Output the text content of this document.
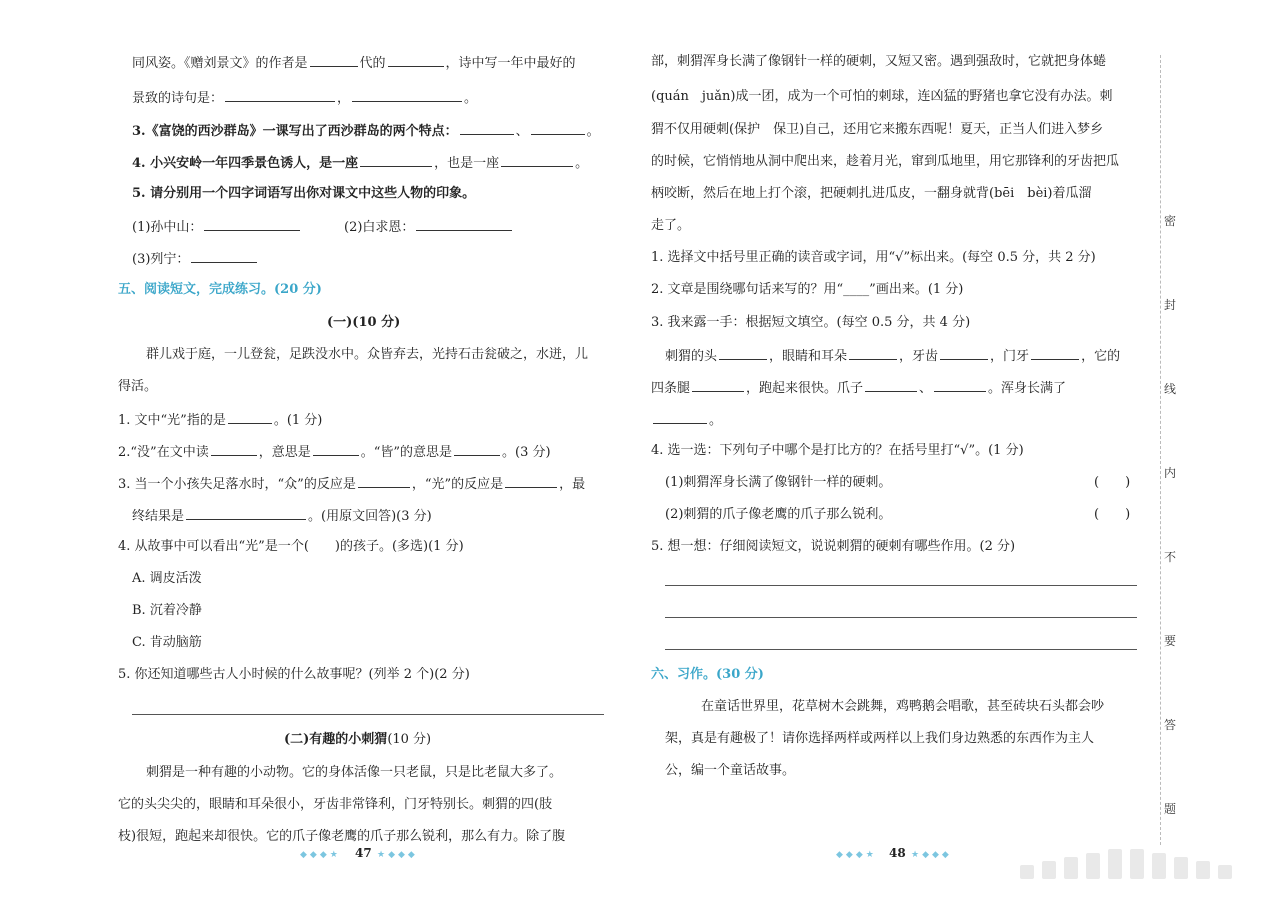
同风姿。《赠刘景文》的作者是	代的	，诗中写一年中最好的
景致的诗句是：	，	。
3.《富饶的西沙群岛》一课写出了西沙群岛的两个特点：	、	。
4. 小兴安岭一年四季景色诱人，是一座	，也是一座	。
5. 请分别用一个四字词语写出你对课文中这些人物的印象。
(1)孙中山：	(2)白求恩：
(3)列宁：
五、阅读短文，完成练习。(20 分)
(一)(10 分)
群儿戏于庭，一儿登瓮，足跌没水中。众皆弃去，光持石击瓮破之，水迸，儿
得活。
1. 文中“光”指的是	。(1 分)
2.“没”在文中读	，意思是	。“皆”的意思是	。(3 分)
3. 当一个小孩失足落水时，“众”的反应是	，“光”的反应是	，最
终结果是	。(用原文回答)(3 分)
4. 从故事中可以看出“光”是一个(　　)的孩子。(多选)(1 分)
A. 调皮活泼
B. 沉着冷静
C. 肯动脑筋
5. 你还知道哪些古人小时候的什么故事呢？(列举 2 个)(2 分)
(二)有趣的小刺猬(10 分)
刺猬是一种有趣的小动物。它的身体活像一只老鼠，只是比老鼠大多了。
它的头尖尖的，眼睛和耳朵很小，牙齿非常锋利，门牙特别长。刺猬的四(肢
枝)很短，跑起来却很快。它的爪子像老鹰的爪子那么锐利，那么有力。除了腹
◆◆◆★ 47 ★◆◆◆
部，刺猬浑身长满了像钢针一样的硬刺，又短又密。遇到强敌时，它就把身体蜷
(quán　juǎn)成一团，成为一个可怕的刺球，连凶猛的野猪也拿它没有办法。刺
猬不仅用硬刺(保护　保卫)自己，还用它来搬东西呢！夏天，正当人们进入梦乡
的时候，它悄悄地从洞中爬出来，趁着月光，窜到瓜地里，用它那锋利的牙齿把瓜
柄咬断，然后在地上打个滚，把硬刺扎进瓜皮，一翻身就背(bēi　bèi)着瓜溜
走了。
1. 选择文中括号里正确的读音或字词，用“√”标出来。(每空 0.5 分，共 2 分)
2. 文章是围绕哪句话来写的？用“____”画出来。(1 分)
3. 我来露一手：根据短文填空。(每空 0.5 分，共 4 分)
刺猬的头	，眼睛和耳朵	，牙齿	，门牙	，它的
四条腿	，跑起来很快。爪子	、	。浑身长满了
。
4. 选一选：下列句子中哪个是打比方的？在括号里打“√”。(1 分)
(1)刺猬浑身长满了像钢针一样的硬刺。	(　　)
(2)刺猬的爪子像老鹰的爪子那么锐利。	(　　)
5. 想一想：仔细阅读短文，说说刺猬的硬刺有哪些作用。(2 分)
六、习作。(30 分)
在童话世界里，花草树木会跳舞，鸡鸭鹅会唱歌，甚至砖块石头都会吵
架，真是有趣极了！请你选择两样或两样以上我们身边熟悉的东西作为主人
公，编一个童话故事。
◆◆◆★ 48 ★◆◆◆
密
封
线
内
不
要
答
题
